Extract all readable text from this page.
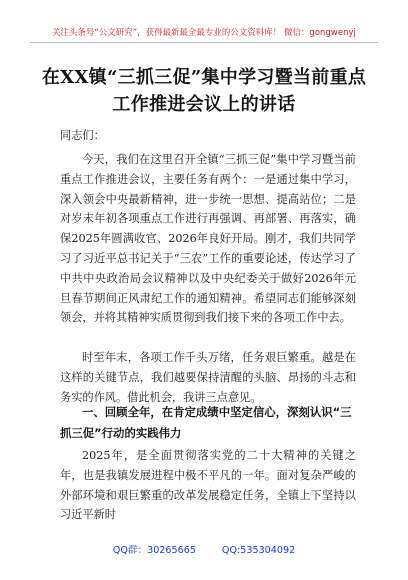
关注头条号“公文研究”，获得最新最全最专业的公文资料库！ 微信：gongwenyj
在XX镇“三抓三促”集中学习暨当前重点工作推进会议上的讲话
同志们：
今天，我们在这里召开全镇“三抓三促”集中学习暨当前重点工作推进会议，主要任务有两个：一是通过集中学习，深入领会中央最新精神，进一步统一思想、提高站位；二是对岁末年初各项重点工作进行再强调、再部署、再落实，确保2025年圆满收官、2026年良好开局。刚才，我们共同学习了习近平总书记关于“三农”工作的重要论述，传达学习了中共中央政治局会议精神以及中央纪委关于做好2026年元旦春节期间正风肃纪工作的通知精神。希望同志们能够深刻领会，并将其精神实质贯彻到我们接下来的各项工作中去。
时至年末，各项工作千头万绪，任务艰巨繁重。越是在这样的关键节点，我们越要保持清醒的头脑、昂扬的斗志和务实的作风。借此机会，我讲三点意见。
一、回顾全年，在肯定成绩中坚定信心，深刻认识“三抓三促”行动的实践伟力
2025年，是全面贯彻落实党的二十大精神的关键之年，也是我镇发展进程中极不平凡的一年。面对复杂严峻的外部环境和艰巨繁重的改革发展稳定任务，全镇上下坚持以习近平新时
QQ群：30265665	QQ:535304092
